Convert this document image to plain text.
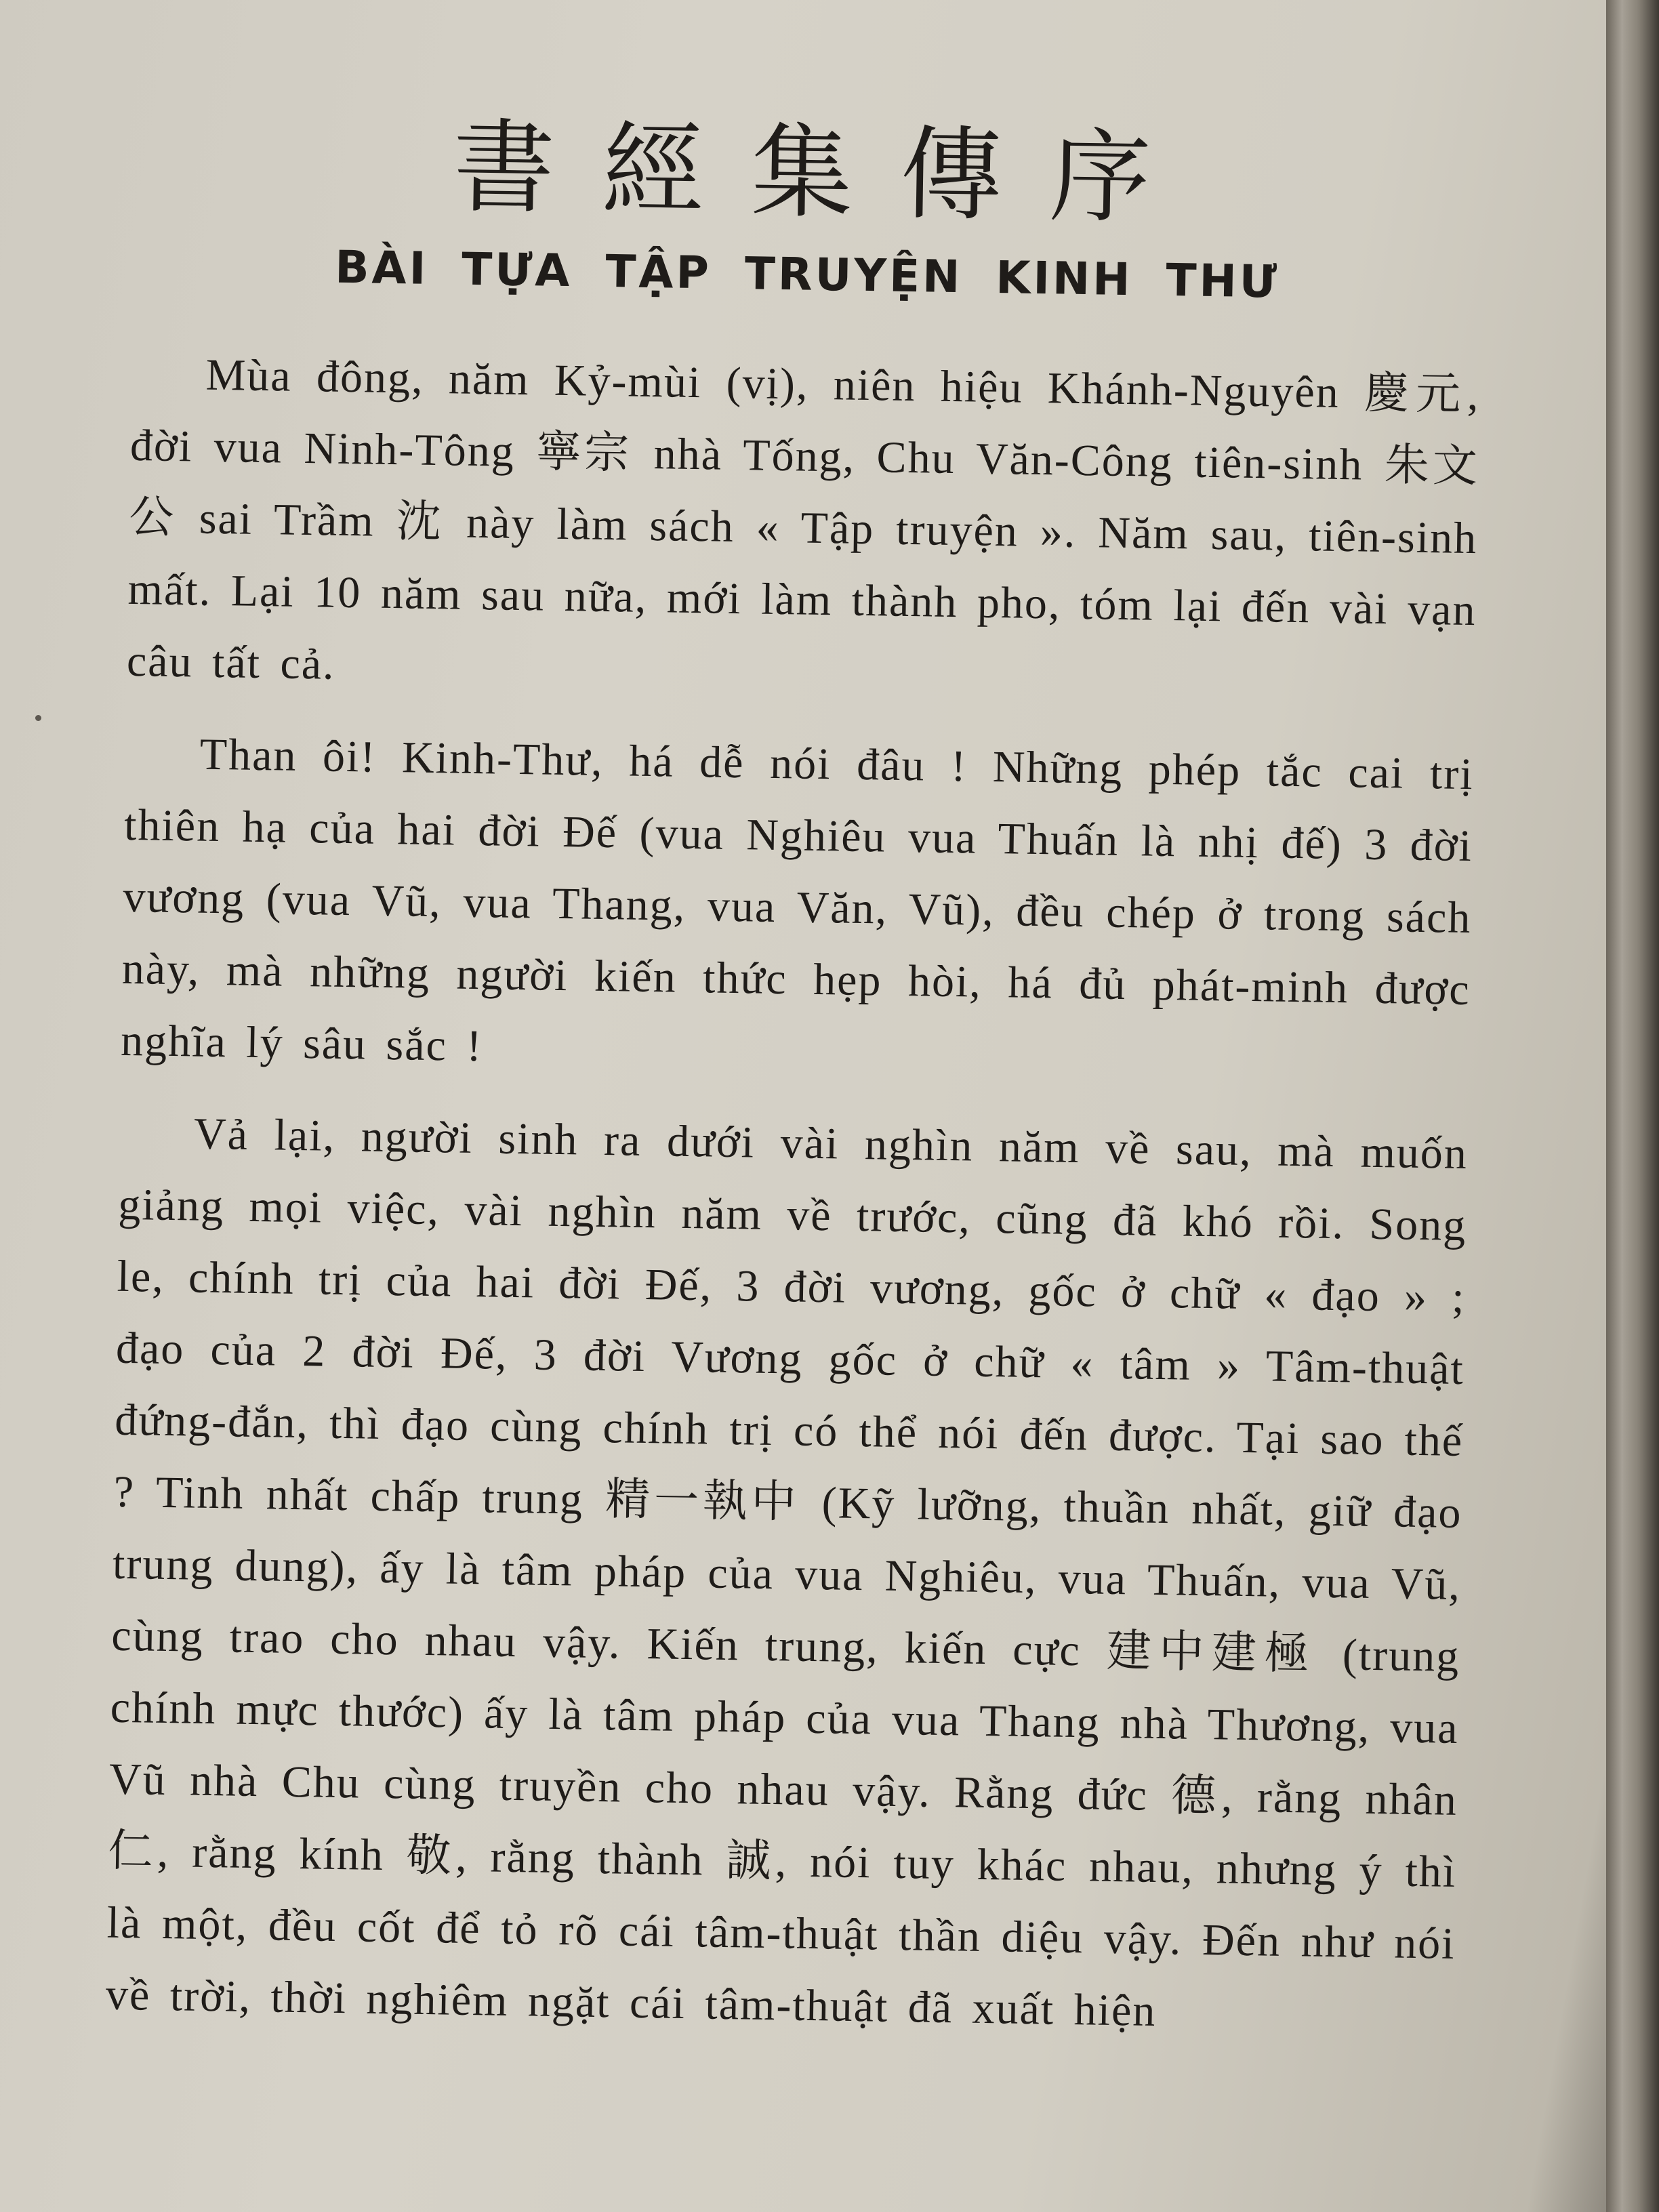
書經集傳序
BÀI TỰA TẬP TRUYỆN KINH THƯ

Mùa đông, năm Kỷ-mùi (vị), niên hiệu Khánh-Nguyên 慶元, đời vua Ninh-Tông 寧宗 nhà Tống, Chu Văn-Công tiên-sinh 朱文公 sai Trầm 沈 này làm sách « Tập truyện ». Năm sau, tiên-sinh mất. Lại 10 năm sau nữa, mới làm thành pho, tóm lại đến vài vạn câu tất cả.

Than ôi! Kinh-Thư, há dễ nói đâu ! Những phép tắc cai trị thiên hạ của hai đời Đế (vua Nghiêu vua Thuấn là nhị đế) 3 đời vương (vua Vũ, vua Thang, vua Văn, Vũ), đều chép ở trong sách này, mà những người kiến thức hẹp hòi, há đủ phát-minh được nghĩa lý sâu sắc !

Vả lại, người sinh ra dưới vài nghìn năm về sau, mà muốn giảng mọi việc, vài nghìn năm về trước, cũng đã khó rồi. Song le, chính trị của hai đời Đế, 3 đời vương, gốc ở chữ « đạo » ; đạo của 2 đời Đế, 3 đời Vương gốc ở chữ « tâm » Tâm-thuật đứng-đắn, thì đạo cùng chính trị có thể nói đến được. Tại sao thế ? Tinh nhất chấp trung 精一執中 (Kỹ lưỡng, thuần nhất, giữ đạo trung dung), ấy là tâm pháp của vua Nghiêu, vua Thuấn, vua Vũ, cùng trao cho nhau vậy. Kiến trung, kiến cực 建中建極 (trung chính mực thước) ấy là tâm pháp của vua Thang nhà Thương, vua Vũ nhà Chu cùng truyền cho nhau vậy. Rằng đức 德, rằng nhân 仁, rằng kính 敬, rằng thành 誠, nói tuy khác nhau, nhưng ý thì là một, đều cốt để tỏ rõ cái tâm-thuật thần diệu vậy. Đến như nói về trời, thời nghiêm ngặt cái tâm-thuật đã xuất hiện
